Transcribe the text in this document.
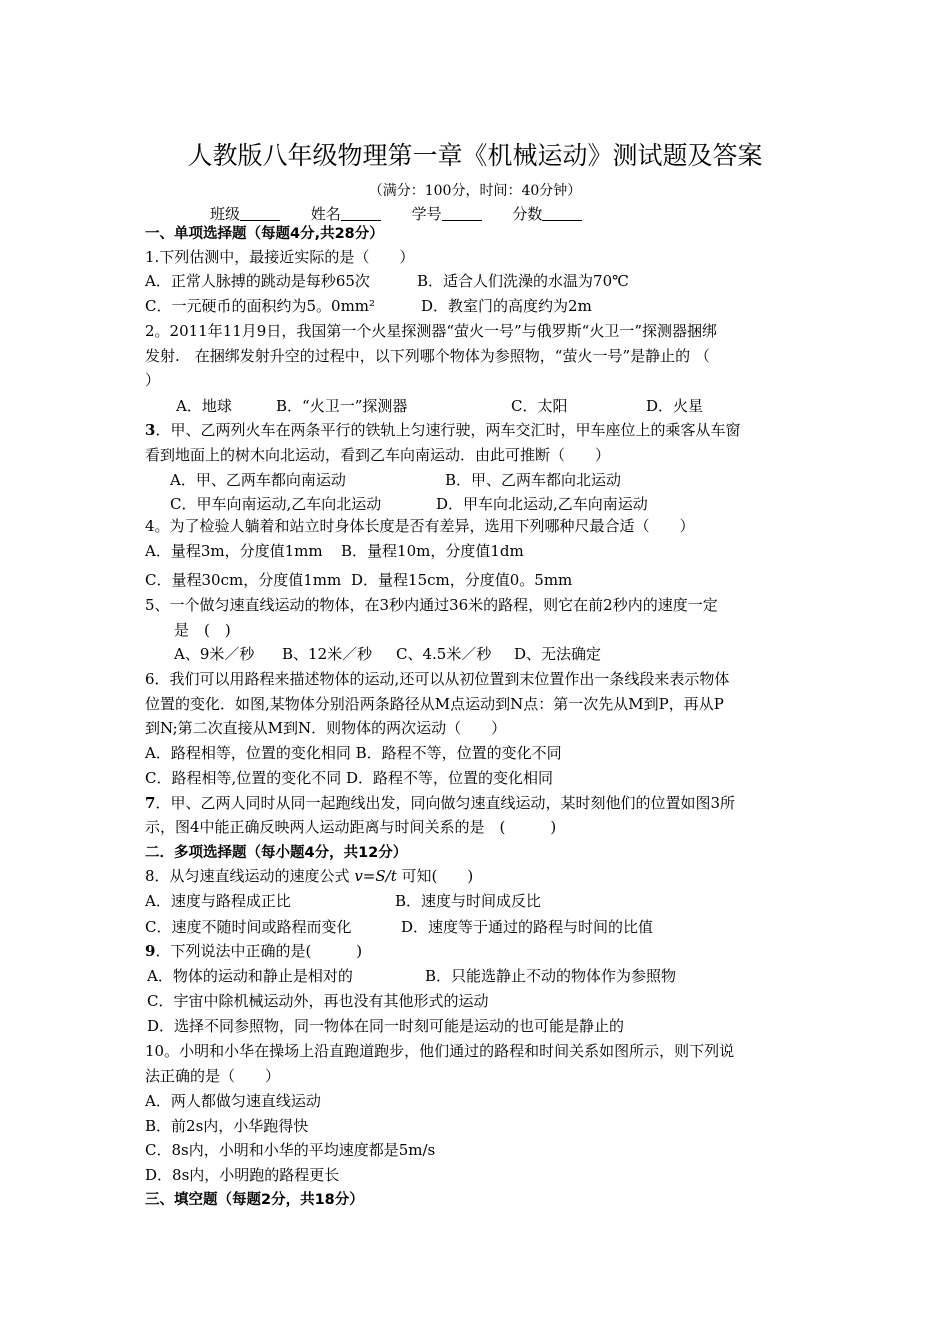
人教版八年级物理第一章《机械运动》测试题及答案
（满分：100分，时间：40分钟）
班级	姓名	学号	分数
一、单项选择题（每题4分,共28分）
1.下列估测中，最接近实际的是（　　）
A．正常人脉搏的跳动是每秒65次	B．适合人们洗澡的水温为70℃
C．一元硬币的面积约为5。0mm²	D．教室门的高度约为2m
2。2011年11月9日，我国第一个火星探测器“萤火一号”与俄罗斯“火卫一”探测器捆绑
发射.　在捆绑发射升空的过程中，以下列哪个物体为参照物，“萤火一号”是静止的 （
）
A．地球	B．“火卫一”探测器	C．太阳	D．火星
3．甲、乙两列火车在两条平行的铁轨上匀速行驶，两车交汇时，甲车座位上的乘客从车窗
看到地面上的树木向北运动，看到乙车向南运动．由此可推断（　　）
A．甲、乙两车都向南运动	B．甲、乙两车都向北运动
C．甲车向南运动,乙车向北运动	D．甲车向北运动,乙车向南运动
4。为了检验人躺着和站立时身体长度是否有差异，选用下列哪种尺最合适（　　）
A．量程3m，分度值1mm B．量程10m，分度值1dm
C．量程30cm，分度值1mm D．量程15cm，分度值0。5mm
5、一个做匀速直线运动的物体，在3秒内通过36米的路程，则它在前2秒内的速度一定
是　(　)
A、9米／秒 B、12米／秒 C、4.5米／秒 D、无法确定
6．我们可以用路程来描述物体的运动,还可以从初位置到末位置作出一条线段来表示物体
位置的变化．如图,某物体分别沿两条路径从M点运动到N点：第一次先从M到P，再从P
到N;第二次直接从M到N．则物体的两次运动（　　）
A．路程相等，位置的变化相同 B．路程不等，位置的变化不同
C．路程相等,位置的变化不同 D．路程不等，位置的变化相同
7．甲、乙两人同时从同一起跑线出发，同向做匀速直线运动，某时刻他们的位置如图3所
示，图4中能正确反映两人运动距离与时间关系的是　(　　　)
二．多项选择题（每小题4分，共12分）
8．从匀速直线运动的速度公式 v=S/t 可知(　　)
A．速度与路程成正比	B．速度与时间成反比
C．速度不随时间或路程而变化	D．速度等于通过的路程与时间的比值
9．下列说法中正确的是(　　　)
A．物体的运动和静止是相对的	B．只能选静止不动的物体作为参照物
C．宇宙中除机械运动外，再也没有其他形式的运动
D．选择不同参照物，同一物体在同一时刻可能是运动的也可能是静止的
10。小明和小华在操场上沿直跑道跑步，他们通过的路程和时间关系如图所示，则下列说
法正确的是（　　）
A．两人都做匀速直线运动
B．前2s内，小华跑得快
C．8s内，小明和小华的平均速度都是5m/s
D．8s内，小明跑的路程更长
三、填空题（每题2分，共18分）
